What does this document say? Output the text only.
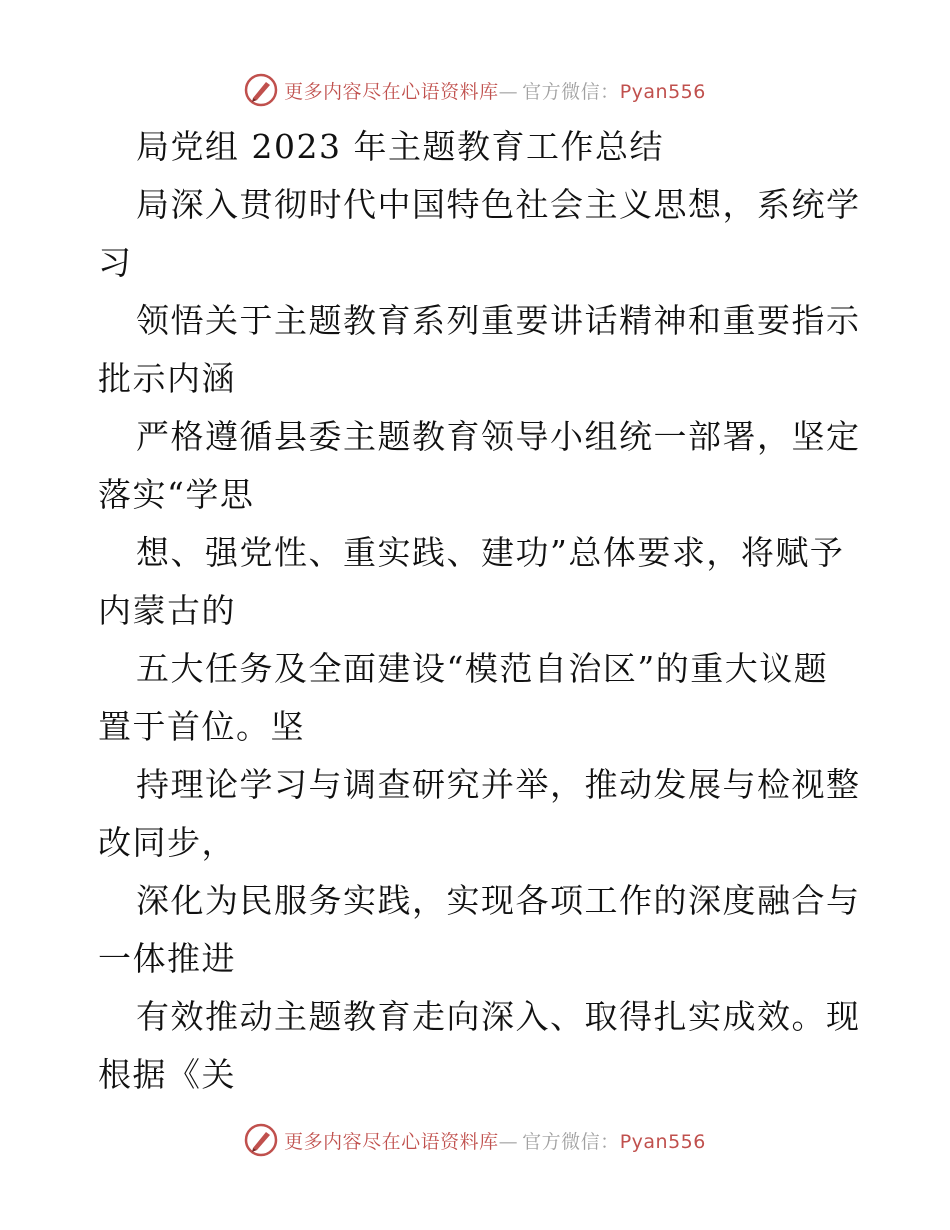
更多内容尽在心语资料库— 官方微信：Pyan556
局党组 2023 年主题教育工作总结
局深入贯彻时代中国特色社会主义思想，系统学
习
领悟关于主题教育系列重要讲话精神和重要指示
批示内涵
严格遵循县委主题教育领导小组统一部署，坚定
落实“学思
想、强党性、重实践、建功”总体要求，将赋予
内蒙古的
五大任务及全面建设“模范自治区”的重大议题
置于首位。坚
持理论学习与调查研究并举，推动发展与检视整
改同步，
深化为民服务实践，实现各项工作的深度融合与
一体推进
有效推动主题教育走向深入、取得扎实成效。现
根据《关
更多内容尽在心语资料库— 官方微信：Pyan556
